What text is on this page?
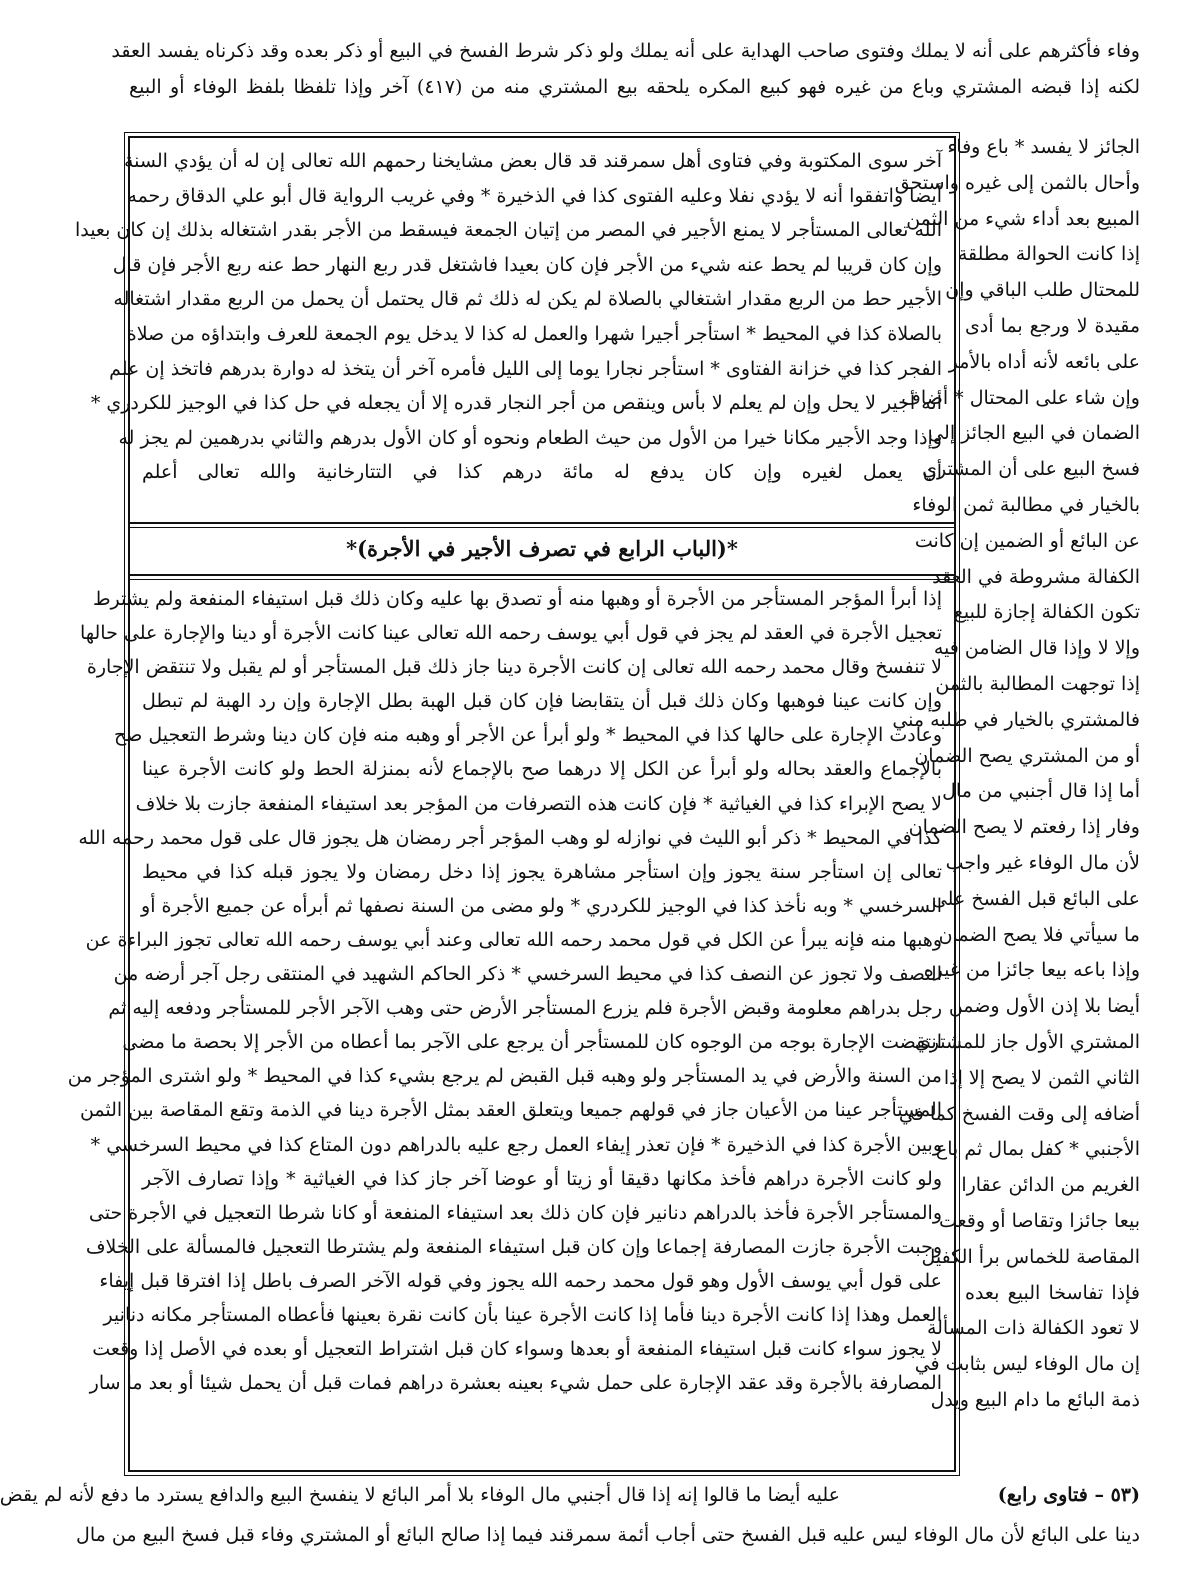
وفاء فأكثرهم على أنه لا يملك وفتوى صاحب الهداية على أنه يملك ولو ذكر شرط الفسخ في البيع أو ذكر بعده وقد ذكرناه يفسد العقد
لكنه إذا قبضه المشتري وباع من غيره فهو كبيع المكره يلحقه بيع المشتري منه من (٤١٧) آخر وإذا تلفظا بلفظ الوفاء أو البيع
الجائز لا يفسد * باع وفاء
وأحال بالثمن إلى غيره واستحق
المبيع بعد أداء شيء من الثمن
إذا كانت الحوالة مطلقة
للمحتال طلب الباقي وإن
مقيدة لا ورجع بما أدى
على بائعه لأنه أداه بالأمر
وإن شاء على المحتال * أضاف
الضمان في البيع الجائز إلى
فسخ البيع على أن المشتري
بالخيار في مطالبة ثمن الوفاء
عن البائع أو الضمين إن كانت
الكفالة مشروطة في العقد
تكون الكفالة إجازة للبيع
وإلا لا وإذا قال الضامن فيه
إذا توجهت المطالبة بالثمن
فالمشتري بالخيار في طلبه مني
أو من المشتري يصح الضمان
أما إذا قال أجنبي من مال
وفار إذا رفعتم لا يصح الضمان
لأن مال الوفاء غير واجب
على البائع قبل الفسخ على
ما سيأتي فلا يصح الضمان
وإذا باعه بيعا جائزا من غيره
أيضا بلا إذن الأول وضمن
المشتري الأول جاز للمشتري
الثاني الثمن لا يصح إلا إذا
أضافه إلى وقت الفسخ كما في
الأجنبي * كفل بمال ثم باع
الغريم من الدائن عقارا
بيعا جائزا وتقاصا أو وقعت
المقاصة للخماس برأ الكفيل
فإذا تفاسخا البيع بعده
لا تعود الكفالة ذات المسألة
إن مال الوفاء ليس بثابت في
ذمة البائع ما دام البيع ويدل
آخر سوى المكتوبة وفي فتاوى أهل سمرقند قد قال بعض مشايخنا رحمهم الله تعالى إن له أن يؤدي السنة
أيضا واتفقوا أنه لا يؤدي نفلا وعليه الفتوى كذا في الذخيرة * وفي غريب الرواية قال أبو علي الدقاق رحمه
الله تعالى المستأجر لا يمنع الأجير في المصر من إتيان الجمعة فيسقط من الأجر بقدر اشتغاله بذلك إن كان بعيدا
وإن كان قريبا لم يحط عنه شيء من الأجر فإن كان بعيدا فاشتغل قدر ربع النهار حط عنه ربع الأجر فإن قال
الأجير حط من الربع مقدار اشتغالي بالصلاة لم يكن له ذلك ثم قال يحتمل أن يحمل من الربع مقدار اشتغاله
بالصلاة كذا في المحيط * استأجر أجيرا شهرا والعمل له كذا لا يدخل يوم الجمعة للعرف وابتداؤه من صلاة
الفجر كذا في خزانة الفتاوى * استأجر نجارا يوما إلى الليل فأمره آخر أن يتخذ له دوارة بدرهم فاتخذ إن علم
أنه أجير لا يحل وإن لم يعلم لا بأس وينقص من أجر النجار قدره إلا أن يجعله في حل كذا في الوجيز للكردري *
وإذا وجد الأجير مكانا خيرا من الأول من حيث الطعام ونحوه أو كان الأول بدرهم والثاني بدرهمين لم يجز له
أن يعمل لغيره وإن كان يدفع له مائة درهم كذا في التتارخانية والله تعالى أعلم
*(الباب الرابع في تصرف الأجير في الأجرة)*
إذا أبرأ المؤجر المستأجر من الأجرة أو وهبها منه أو تصدق بها عليه وكان ذلك قبل استيفاء المنفعة ولم يشترط
تعجيل الأجرة في العقد لم يجز في قول أبي يوسف رحمه الله تعالى عينا كانت الأجرة أو دينا والإجارة على حالها
لا تنفسخ وقال محمد رحمه الله تعالى إن كانت الأجرة دينا جاز ذلك قبل المستأجر أو لم يقبل ولا تنتقض الإجارة
وإن كانت عينا فوهبها وكان ذلك قبل أن يتقابضا فإن كان قبل الهبة بطل الإجارة وإن رد الهبة لم تبطل
وعادت الإجارة على حالها كذا في المحيط * ولو أبرأ عن الأجر أو وهبه منه فإن كان دينا وشرط التعجيل صح
بالإجماع والعقد بحاله ولو أبرأ عن الكل إلا درهما صح بالإجماع لأنه بمنزلة الحط ولو كانت الأجرة عينا
لا يصح الإبراء كذا في الغياثية * فإن كانت هذه التصرفات من المؤجر بعد استيفاء المنفعة جازت بلا خلاف
كذا في المحيط * ذكر أبو الليث في نوازله لو وهب المؤجر أجر رمضان هل يجوز قال على قول محمد رحمه الله
تعالى إن استأجر سنة يجوز وإن استأجر مشاهرة يجوز إذا دخل رمضان ولا يجوز قبله كذا في محيط
السرخسي * وبه نأخذ كذا في الوجيز للكردري * ولو مضى من السنة نصفها ثم أبرأه عن جميع الأجرة أو
وهبها منه فإنه يبرأ عن الكل في قول محمد رحمه الله تعالى وعند أبي يوسف رحمه الله تعالى تجوز البراءة عن
النصف ولا تجوز عن النصف كذا في محيط السرخسي * ذكر الحاكم الشهيد في المنتقى رجل آجر أرضه من
رجل بدراهم معلومة وقبض الأجرة فلم يزرع المستأجر الأرض حتى وهب الآجر الأجر للمستأجر ودفعه إليه ثم
انتقضت الإجارة بوجه من الوجوه كان للمستأجر أن يرجع على الآجر بما أعطاه من الأجر إلا بحصة ما مضى
من السنة والأرض في يد المستأجر ولو وهبه قبل القبض لم يرجع بشيء كذا في المحيط * ولو اشترى المؤجر من
المستأجر عينا من الأعيان جاز في قولهم جميعا ويتعلق العقد بمثل الأجرة دينا في الذمة وتقع المقاصة بين الثمن
وبين الأجرة كذا في الذخيرة * فإن تعذر إيفاء العمل رجع عليه بالدراهم دون المتاع كذا في محيط السرخسي *
ولو كانت الأجرة دراهم فأخذ مكانها دقيقا أو زيتا أو عوضا آخر جاز كذا في الغياثية * وإذا تصارف الآجر
والمستأجر الأجرة فأخذ بالدراهم دنانير فإن كان ذلك بعد استيفاء المنفعة أو كانا شرطا التعجيل في الأجرة حتى
وجبت الأجرة جازت المصارفة إجماعا وإن كان قبل استيفاء المنفعة ولم يشترطا التعجيل فالمسألة على الخلاف
على قول أبي يوسف الأول وهو قول محمد رحمه الله يجوز وفي قوله الآخر الصرف باطل إذا افترقا قبل إيفاء
العمل وهذا إذا كانت الأجرة دينا فأما إذا كانت الأجرة عينا بأن كانت نقرة بعينها فأعطاه المستأجر مكانه دنانير
لا يجوز سواء كانت قبل استيفاء المنفعة أو بعدها وسواء كان قبل اشتراط التعجيل أو بعده في الأصل إذا وقعت
المصارفة بالأجرة وقد عقد الإجارة على حمل شيء بعينه بعشرة دراهم فمات قبل أن يحمل شيئا أو بعد ما سار
(٥٣ – فتاوى رابع)
عليه أيضا ما قالوا إنه إذا قال أجنبي مال الوفاء بلا أمر البائع لا ينفسخ البيع والدافع يسترد ما دفع لأنه لم يقض
دينا على البائع لأن مال الوفاء ليس عليه قبل الفسخ حتى أجاب أئمة سمرقند فيما إذا صالح البائع أو المشتري وفاء قبل فسخ البيع من مال
